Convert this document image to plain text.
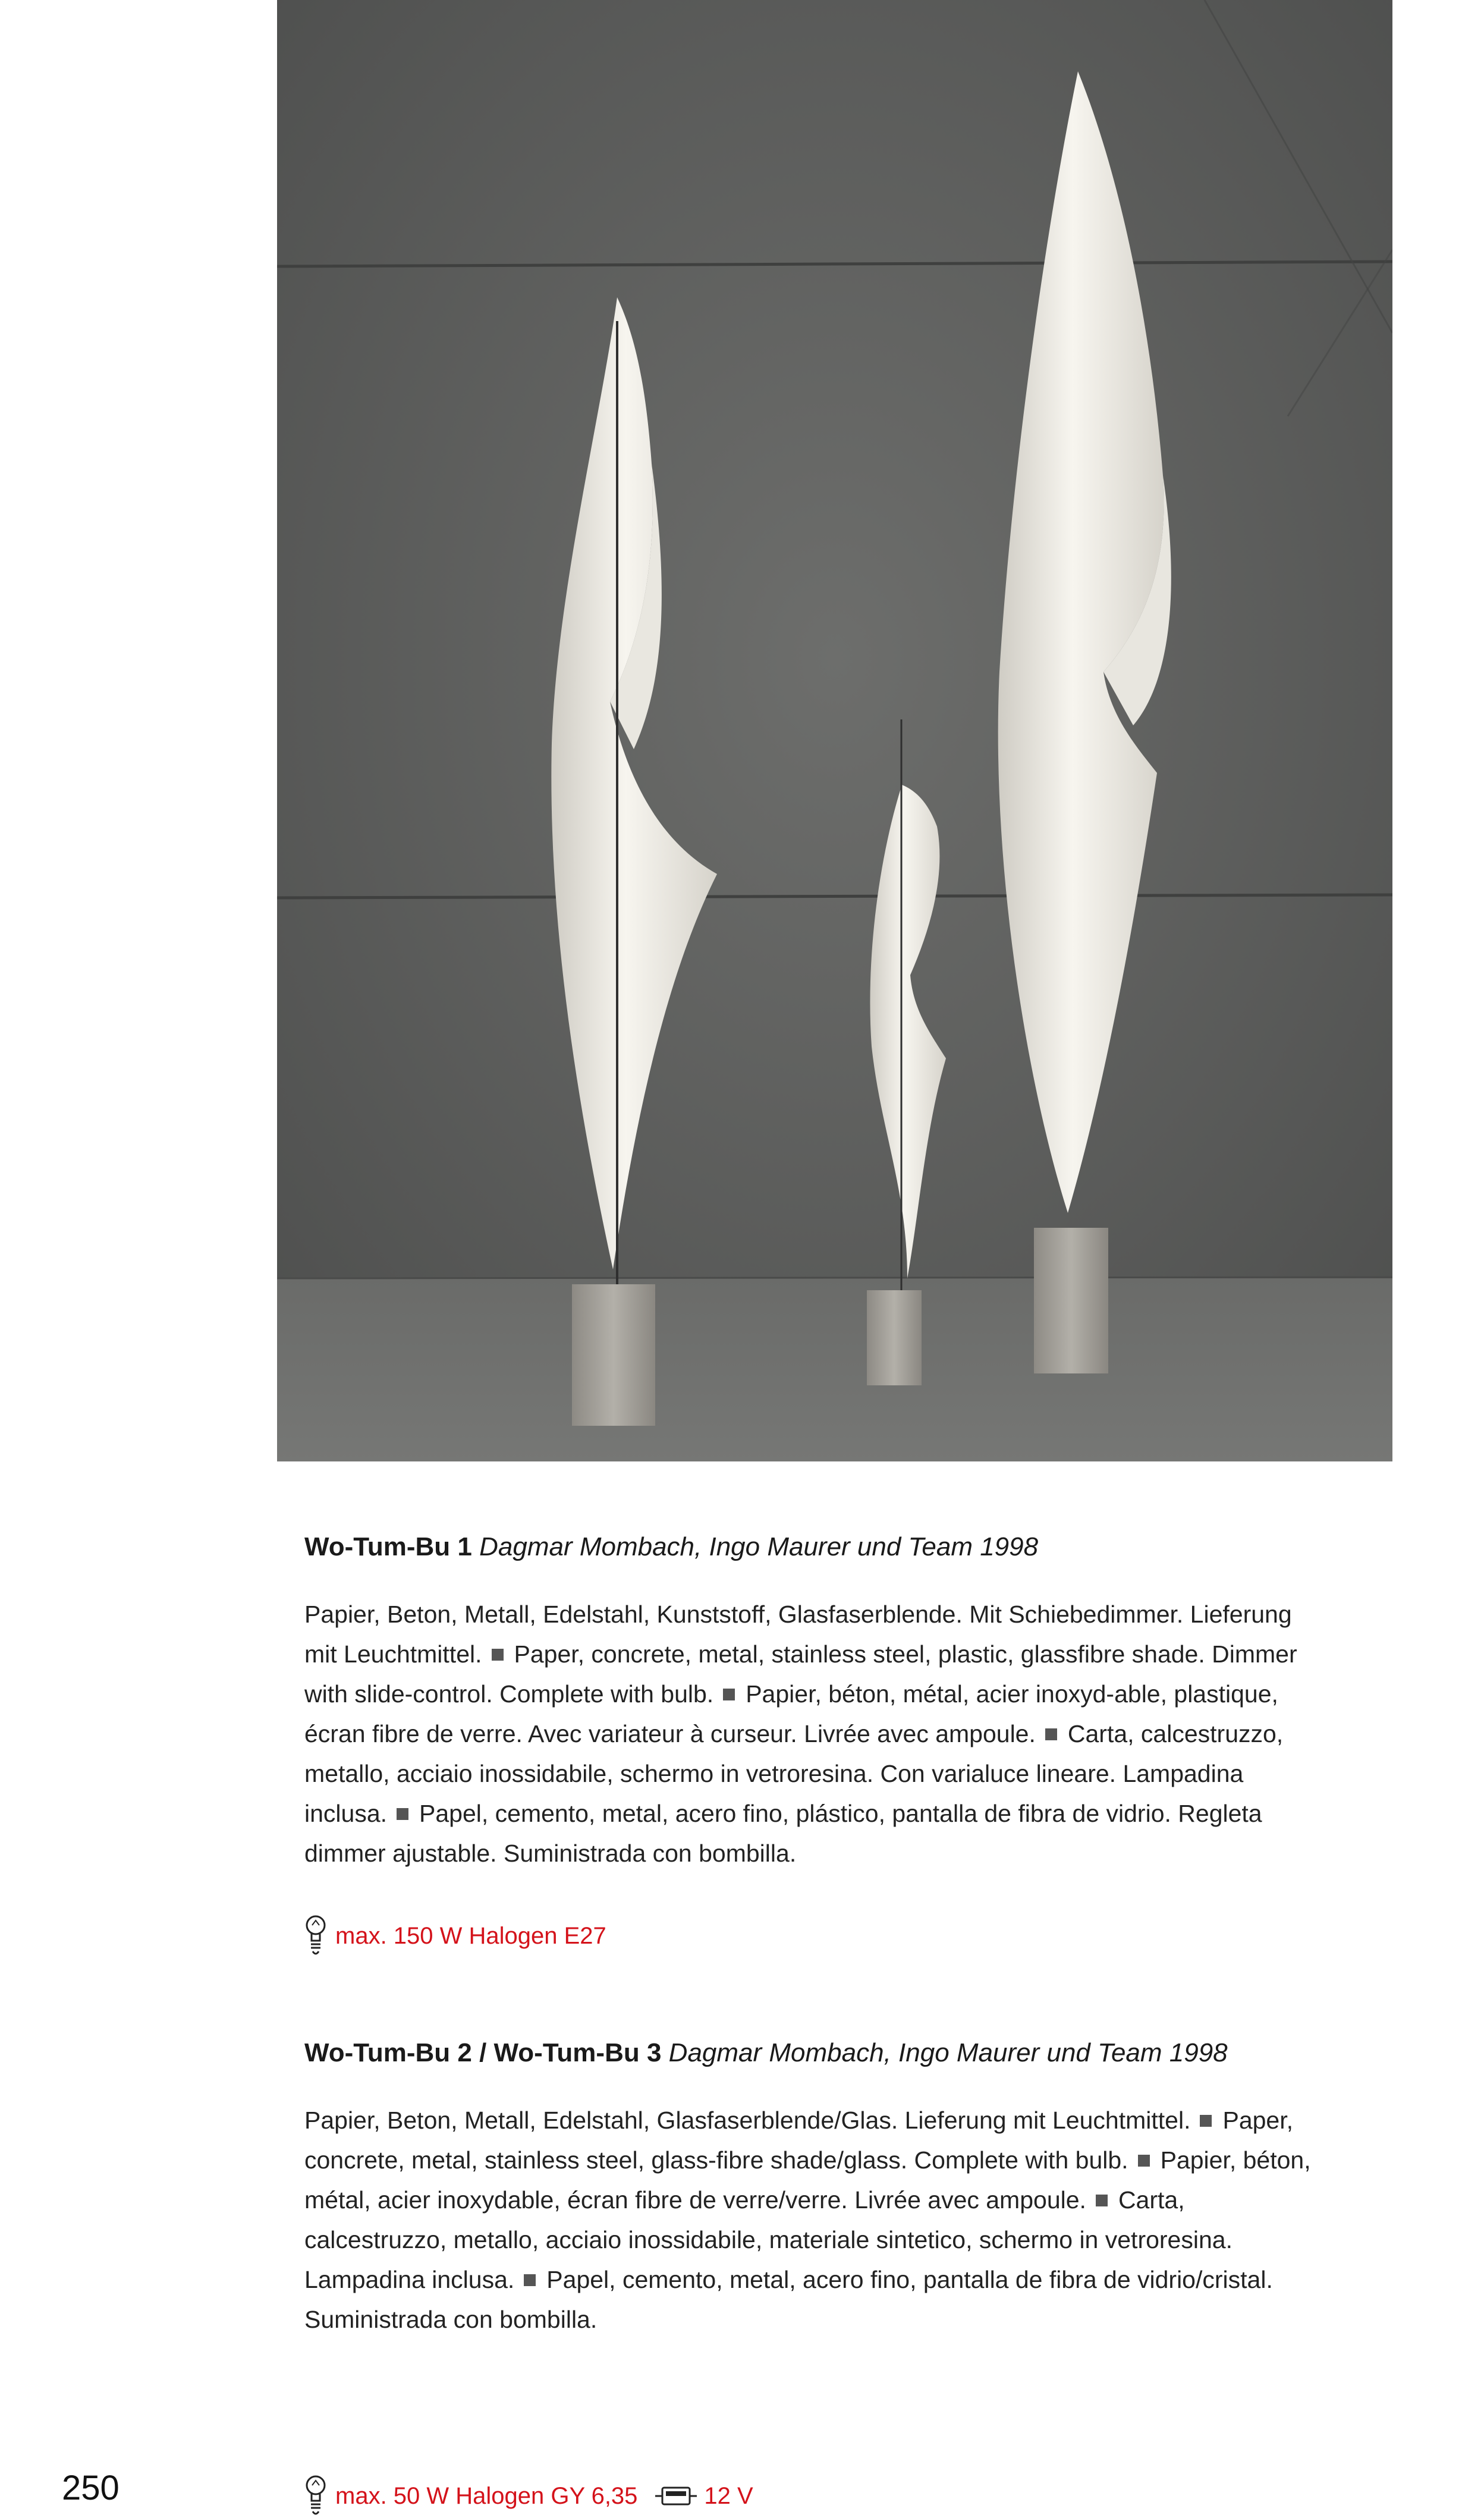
Wo-Tum-Bu 1 Dagmar Mombach, Ingo Maurer und Team 1998

Papier, Beton, Metall, Edelstahl, Kunststoff, Glasfaserblende. Mit Schiebedimmer. Lieferung mit Leuchtmittel. Paper, concrete, metal, stainless steel, plastic, glassfibre shade. Dimmer with slide-control. Complete with bulb. Papier, béton, métal, acier inoxyd-able, plastique, écran fibre de verre. Avec variateur à curseur. Livrée avec ampoule. Carta, calcestruzzo, metallo, acciaio inossidabile, schermo in vetroresina. Con varialuce lineare. Lampadina inclusa. Papel, cemento, metal, acero fino, plástico, pantalla de fibra de vidrio. Regleta dimmer ajustable. Suministrada con bombilla.

max. 150 W Halogen E27

Wo-Tum-Bu 2 / Wo-Tum-Bu 3 Dagmar Mombach, Ingo Maurer und Team 1998

Papier, Beton, Metall, Edelstahl, Glasfaserblende/Glas. Lieferung mit Leuchtmittel. Paper, concrete, metal, stainless steel, glass-fibre shade/glass. Complete with bulb. Papier, béton, métal, acier inoxydable, écran fibre de verre/verre. Livrée avec ampoule. Carta, calcestruzzo, metallo, acciaio inossidabile, materiale sintetico, schermo in vetroresina. Lampadina inclusa. Papel, cemento, metal, acero fino, pantalla de fibra de vidrio/cristal. Suministrada con bombilla.

250	max. 50 W Halogen GY 6,35	12 V
